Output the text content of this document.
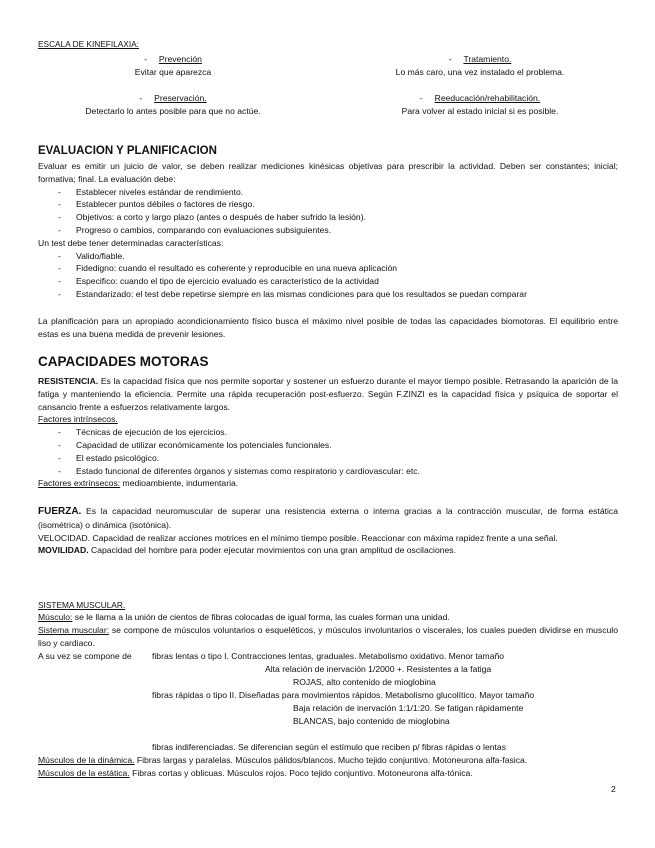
ESCALA DE KINEFILAXIA:
-     Prevención
Evitar que aparezca
-     Tratamiento.
Lo más caro, una vez instalado el problema.
-     Preservación.
Detectarlo lo antes posible para que no actúe.
-     Reeducación/rehabilitación.
Para volver al estado inicial si es posible.
EVALUACION Y PLANIFICACION
Evaluar es emitir un juicio de valor, se deben realizar mediciones kinésicas objetivas para prescribir la actividad. Deben ser constantes; inicial; formativa; final. La evaluación debe:
- Establecer niveles estándar de rendimiento.
- Establecer puntos débiles o factores de riesgo.
- Objetivos: a corto y largo plazo (antes o después de haber sufrido la lesión).
- Progreso o cambios, comparando con evaluaciones subsiguientes.
Un test debe tener determinadas características:
- Valido/fiable.
- Fidedigno: cuando el resultado es coherente y reproducible en una nueva aplicación
- Especifico: cuando el tipo de ejercicio evaluado es característico de la actividad
- Estandarizado: el test debe repetirse siempre en las mismas condiciones para que los resultados se puedan comparar
La planificación para un apropiado acondicionamiento físico busca el máximo nivel posible de todas las capacidades biomotoras. El equilibrio entre estas es una buena medida de prevenir lesiones.
CAPACIDADES MOTORAS
RESISTENCIA. Es la capacidad física que nos permite soportar y sostener un esfuerzo durante el mayor tiempo posible. Retrasando la aparición de la fatiga y manteniendo la eficiencia. Permite una rápida recuperación post-esfuerzo. Según F.ZINZI es la capacidad física y psíquica de soportar el cansancio frente a esfuerzos relativamente largos.
Factores intrínsecos.
- Técnicas de ejecución de los ejercicios.
- Capacidad de utilizar económicamente los potenciales funcionales.
- El estado psicológico.
- Estado funcional de diferentes órganos y sistemas como respiratorio y cardiovascular: etc.
Factores extrínsecos: medioambiente, indumentaria.
FUERZA. Es la capacidad neuromuscular de superar una resistencia externa o interna gracias a la contracción muscular, de forma estática (isométrica) o dinámica (isotónica).
VELOCIDAD. Capacidad de realizar acciones motrices en el mínimo tiempo posible. Reaccionar con máxima rapidez frente a una señal.
MOVILIDAD. Capacidad del hombre para poder ejecutar movimientos con una gran amplitud de oscilaciones.
SISTEMA MUSCULAR.
Músculo: se le llama a la unión de cientos de fibras colocadas de igual forma, las cuales forman una unidad.
Sistema muscular: se compone de músculos voluntarios o esqueléticos, y músculos involuntarios o viscerales, los cuales pueden dividirse en musculo liso y cardiaco.
A su vez se compone de fibras lentas o tipo I. Contracciones lentas, graduales. Metabolismo oxidativo. Menor tamaño
Alta relación de inervación 1/2000 +. Resistentes a la fatiga
ROJAS, alto contenido de mioglobina
fibras rápidas o tipo II. Diseñadas para movimientos rápidos. Metabolismo glucolítico. Mayor tamaño
Baja relación de inervación 1:1/1:20. Se fatigan rápidamente
BLANCAS, bajo contenido de mioglobina
fibras indiferenciadas. Se diferencian según el estímulo que reciben p/ fibras rápidas o lentas
Músculos de la dinámica. Fibras largas y paralelas. Músculos pálidos/blancos. Mucho tejido conjuntivo. Motoneurona alfa-fasica.
Músculos de la estática. Fibras cortas y oblicuas. Músculos rojos. Poco tejido conjuntivo. Motoneurona alfa-tónica.
2
